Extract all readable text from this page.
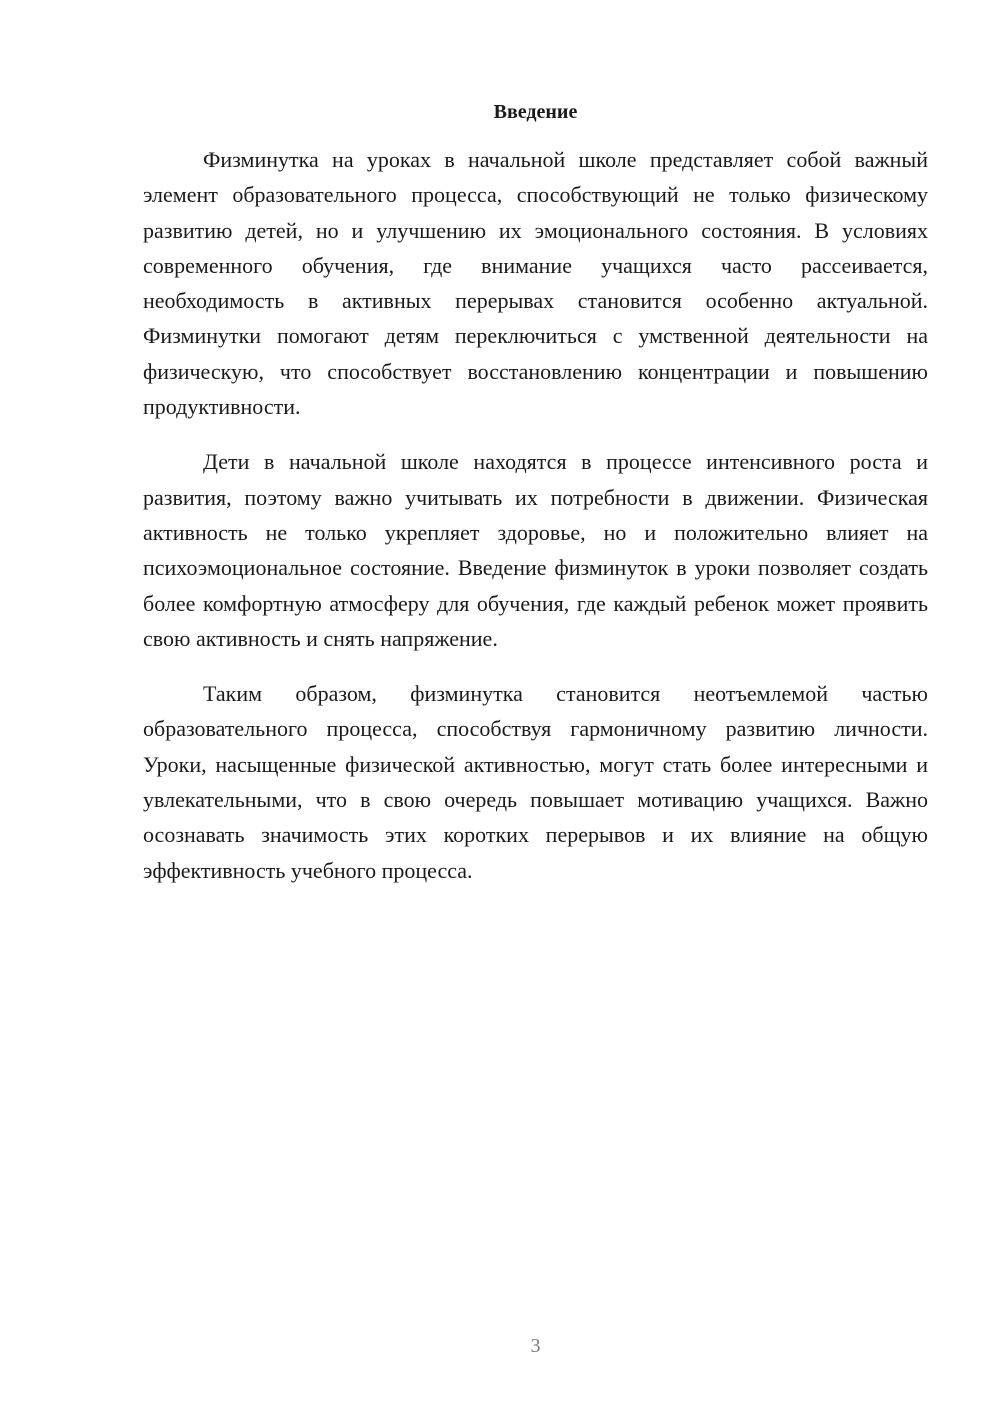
Введение

Физминутка на уроках в начальной школе представляет собой важный элемент образовательного процесса, способствующий не только физическому развитию детей, но и улучшению их эмоционального состояния. В условиях современного обучения, где внимание учащихся часто рассеивается, необходимость в активных перерывах становится особенно актуальной. Физминутки помогают детям переключиться с умственной деятельности на физическую, что способствует восстановлению концентрации и повышению продуктивности.

Дети в начальной школе находятся в процессе интенсивного роста и развития, поэтому важно учитывать их потребности в движении. Физическая активность не только укрепляет здоровье, но и положительно влияет на психоэмоциональное состояние. Введение физминуток в уроки позволяет создать более комфортную атмосферу для обучения, где каждый ребенок может проявить свою активность и снять напряжение.

Таким образом, физминутка становится неотъемлемой частью образовательного процесса, способствуя гармоничному развитию личности. Уроки, насыщенные физической активностью, могут стать более интересными и увлекательными, что в свою очередь повышает мотивацию учащихся. Важно осознавать значимость этих коротких перерывов и их влияние на общую эффективность учебного процесса.

3
